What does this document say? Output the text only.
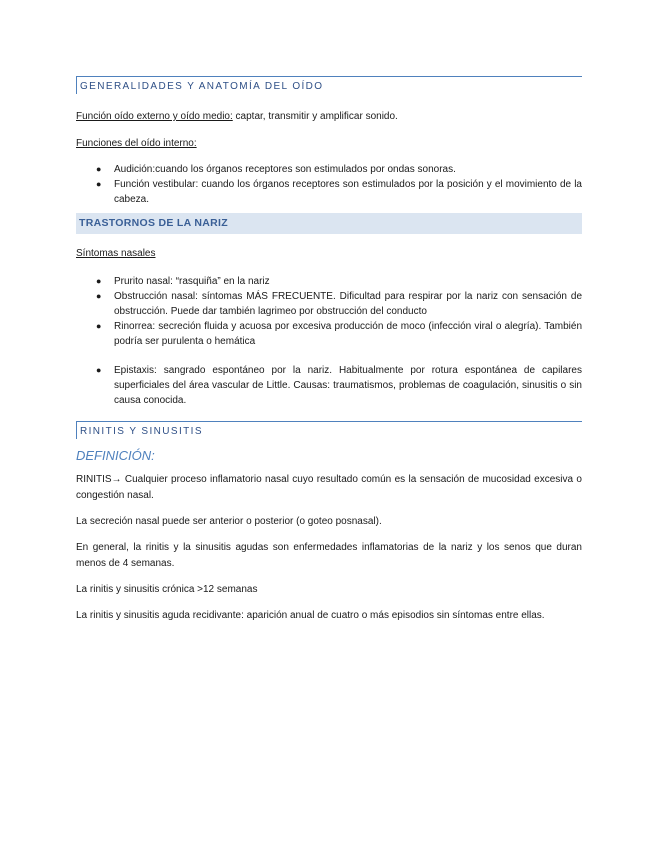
GENERALIDADES Y ANATOMÍA DEL OÍDO

Función oído externo y oído medio: captar, transmitir y amplificar sonido.

Funciones del oído interno:

● Audición:cuando los órganos receptores son estimulados por ondas sonoras.
● Función vestibular: cuando los órganos receptores son estimulados por la posición y el movimiento de la cabeza.
TRASTORNOS DE LA NARIZ

Síntomas nasales

● Prurito nasal: “rasquiña” en la nariz
● Obstrucción nasal: síntomas MÁS FRECUENTE. Dificultad para respirar por la nariz con sensación de obstrucción. Puede dar también lagrimeo por obstrucción del conducto
● Rinorrea: secreción fluida y acuosa por excesiva producción de moco (infección viral o alegría). También podría ser purulenta o hemática
● Epistaxis: sangrado espontáneo por la nariz. Habitualmente por rotura espontánea de capilares superficiales del área vascular de Little. Causas: traumatismos, problemas de coagulación, sinusitis o sin causa conocida.
RINITIS Y SINUSITIS

DEFINICIÓN:

RINITIS→ Cualquier proceso inflamatorio nasal cuyo resultado común es la sensación de mucosidad excesiva o congestión nasal.

La secreción nasal puede ser anterior o posterior (o goteo posnasal).

En general, la rinitis y la sinusitis agudas son enfermedades inflamatorias de la nariz y los senos que duran menos de 4 semanas.

La rinitis y sinusitis crónica >12 semanas

La rinitis y sinusitis aguda recidivante: aparición anual de cuatro o más episodios sin síntomas entre ellas.
